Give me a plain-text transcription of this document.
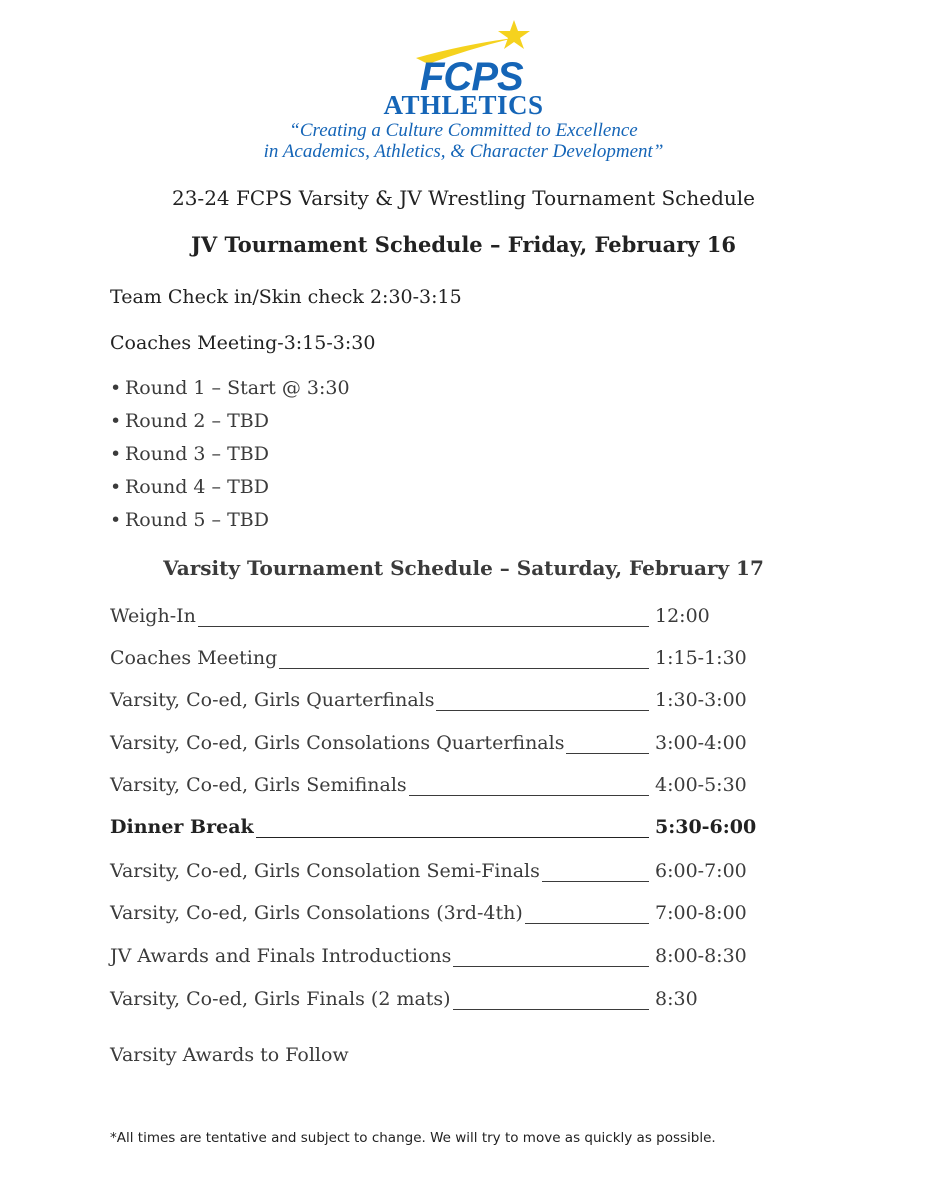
FCPS
ATHLETICS
“Creating a Culture Committed to Excellence
in Academics, Athletics, & Character Development”
23-24 FCPS Varsity & JV Wrestling Tournament Schedule
JV Tournament Schedule – Friday, February 16
Team Check in/Skin check 2:30-3:15
Coaches Meeting-3:15-3:30
• Round 1 – Start @ 3:30
• Round 2 – TBD
• Round 3 – TBD
• Round 4 – TBD
• Round 5 – TBD
Varsity Tournament Schedule – Saturday, February 17
Weigh-In	12:00
Coaches Meeting	1:15-1:30
Varsity, Co-ed, Girls Quarterfinals	1:30-3:00
Varsity, Co-ed, Girls Consolations Quarterfinals	3:00-4:00
Varsity, Co-ed, Girls Semifinals	4:00-5:30
Dinner Break	5:30-6:00
Varsity, Co-ed, Girls Consolation Semi-Finals	6:00-7:00
Varsity, Co-ed, Girls Consolations (3rd-4th)	7:00-8:00
JV Awards and Finals Introductions	8:00-8:30
Varsity, Co-ed, Girls Finals (2 mats)	8:30
Varsity Awards to Follow
*All times are tentative and subject to change. We will try to move as quickly as possible.
